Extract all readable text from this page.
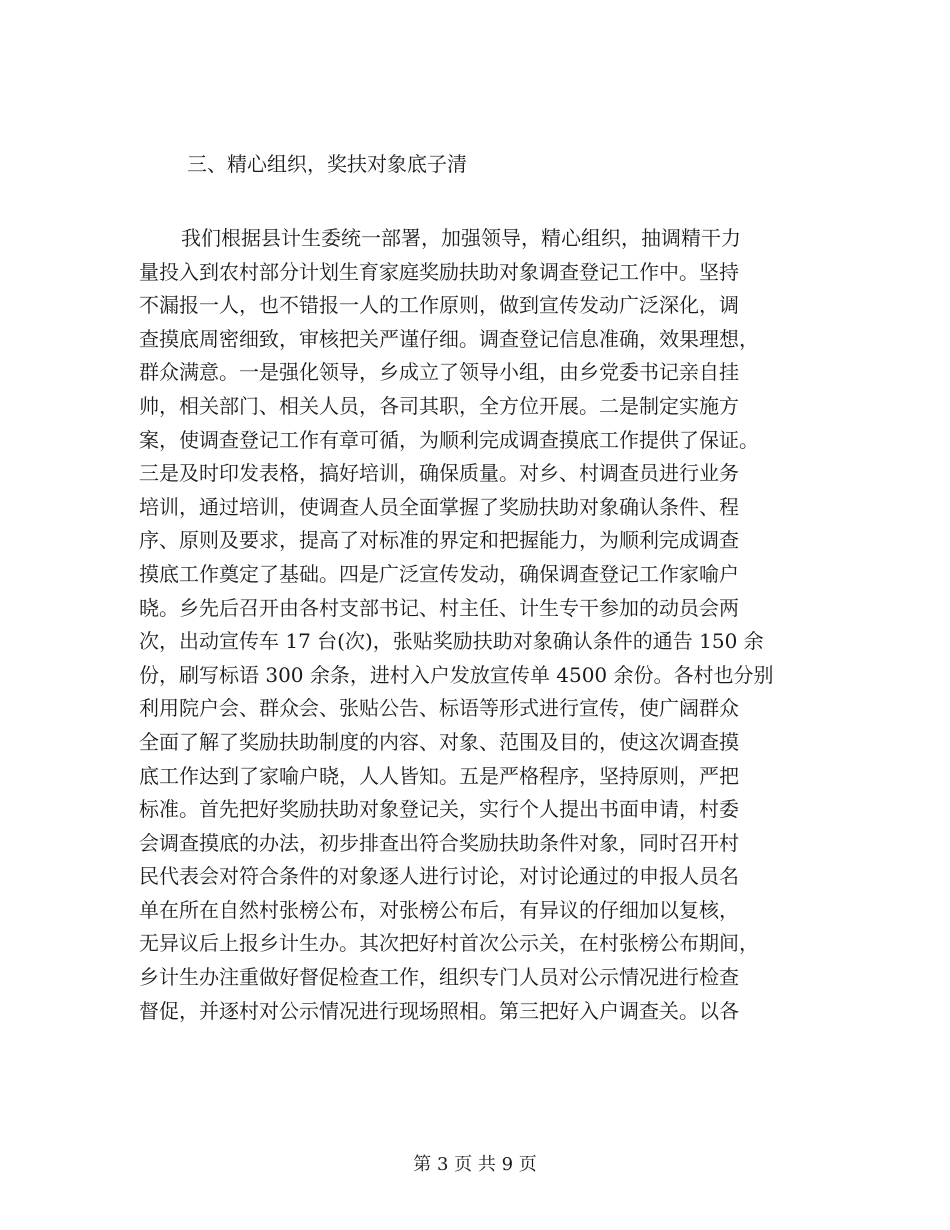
三、精心组织，奖扶对象底子清
我们根据县计生委统一部署，加强领导，精心组织，抽调精干力
量投入到农村部分计划生育家庭奖励扶助对象调查登记工作中。坚持
不漏报一人，也不错报一人的工作原则，做到宣传发动广泛深化，调
查摸底周密细致，审核把关严谨仔细。调查登记信息准确，效果理想，
群众满意。一是强化领导，乡成立了领导小组，由乡党委书记亲自挂
帅，相关部门、相关人员，各司其职，全方位开展。二是制定实施方
案，使调查登记工作有章可循，为顺利完成调查摸底工作提供了保证。
三是及时印发表格，搞好培训，确保质量。对乡、村调查员进行业务
培训，通过培训，使调查人员全面掌握了奖励扶助对象确认条件、程
序、原则及要求，提高了对标准的界定和把握能力，为顺利完成调查
摸底工作奠定了基础。四是广泛宣传发动，确保调查登记工作家喻户
晓。乡先后召开由各村支部书记、村主任、计生专干参加的动员会两
次，出动宣传车 17 台(次)，张贴奖励扶助对象确认条件的通告 150 余
份，刷写标语 300 余条，进村入户发放宣传单 4500 余份。各村也分别
利用院户会、群众会、张贴公告、标语等形式进行宣传，使广阔群众
全面了解了奖励扶助制度的内容、对象、范围及目的，使这次调查摸
底工作达到了家喻户晓，人人皆知。五是严格程序，坚持原则，严把
标准。首先把好奖励扶助对象登记关，实行个人提出书面申请，村委
会调查摸底的办法，初步排查出符合奖励扶助条件对象，同时召开村
民代表会对符合条件的对象逐人进行讨论，对讨论通过的申报人员名
单在所在自然村张榜公布，对张榜公布后，有异议的仔细加以复核，
无异议后上报乡计生办。其次把好村首次公示关，在村张榜公布期间，
乡计生办注重做好督促检查工作，组织专门人员对公示情况进行检查
督促，并逐村对公示情况进行现场照相。第三把好入户调查关。以各
第 3 页 共 9 页
